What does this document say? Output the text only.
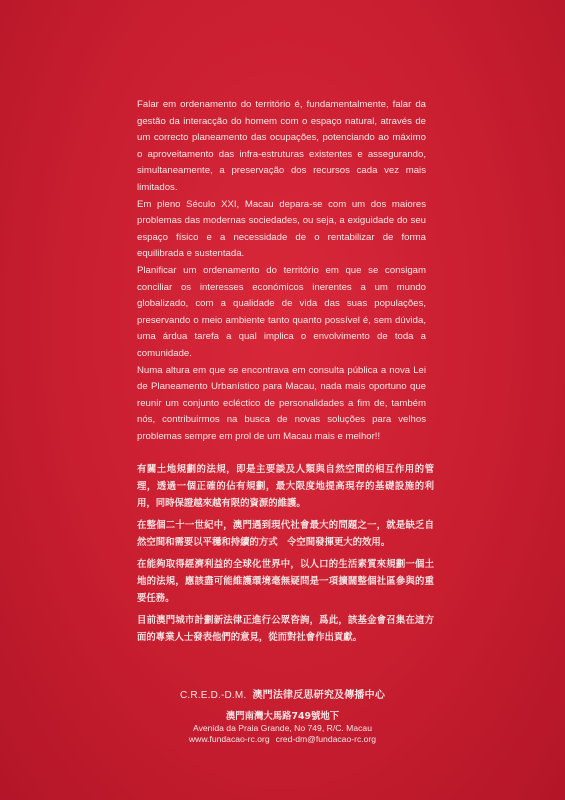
Falar em ordenamento do território é, fundamentalmente, falar da gestão da interacção do homem com o espaço natural, através de um correcto planeamento das ocupações, potenciando ao máximo o aproveitamento das infra-estruturas existentes e assegurando, simultaneamente, a preservação dos recursos cada vez mais limitados.

Em pleno Século XXI, Macau depara-se com um dos maiores problemas das modernas sociedades, ou seja, a exiguidade do seu espaço físico e a necessidade de o rentabilizar de forma equilibrada e sustentada.

Planificar um ordenamento do território em que se consigam conciliar os interesses económicos inerentes a um mundo globalizado, com a qualidade de vida das suas populações, preservando o meio ambiente tanto quanto possível é, sem dúvida, uma árdua tarefa a qual implica o envolvimento de toda a comunidade.

Numa altura em que se encontrava em consulta pública a nova Lei de Planeamento Urbanístico para Macau, nada mais oportuno que reunir um conjunto ecléctico de personalidades a fim de, também nós, contribuirmos na busca de novas soluções para velhos problemas sempre em prol de um Macau mais e melhor!!

有關土地規劃的法規，即是主要談及人類與自然空間的相互作用的管理，透過一個正確的佔有規劃，最大限度地提高現存的基礎設施的利用，同時保證越來越有限的資源的維護。

在整個二十一世紀中，澳門遇到現代社會最大的問題之一，就是缺乏自然空間和需要以平穩和持續的方式　令空間發揮更大的效用。

在能夠取得經濟利益的全球化世界中，以人口的生活素質來規劃一個土地的法規，應該盡可能維護環境毫無疑問是一項擴闊整個社區參與的重要任務。

目前澳門城市計劃新法律正進行公眾咨詢，爲此，該基金會召集在這方面的專業人士發表他們的意見，從而對社會作出貢獻。

C.R.E.D.-D.M. 澳門法律反思研究及傳播中心
澳門南灣大馬路749號地下
Avenida da Praia Grande, No 749, R/C. Macau
www.fundacao-rc.org cred-dm@fundacao-rc.org
